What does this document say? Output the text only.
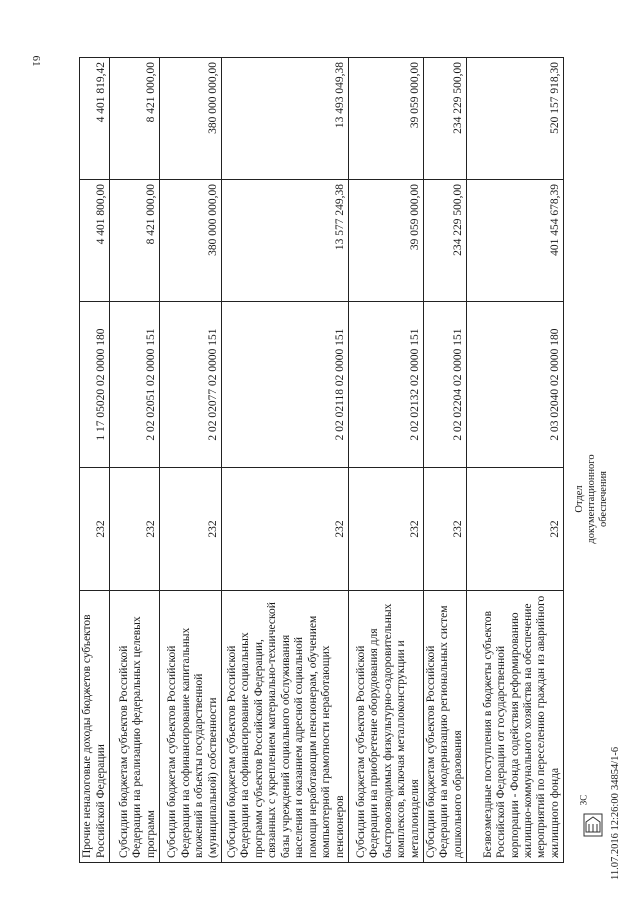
61
Прочие неналоговые доходы бюджетов субъектов Российской Федерации	232	1 17 05020 02 0000 180	4 401 800,00	4 401 819,42
Субсидии бюджетам субъектов Российской Федерации на реализацию федеральных целевых программ	232	2 02 02051 02 0000 151	8 421 000,00	8 421 000,00
Субсидии бюджетам субъектов Российской Федерации на софинансирование капитальных вложений в объекты государственной (муниципальной) собственности	232	2 02 02077 02 0000 151	380 000 000,00	380 000 000,00
Субсидии бюджетам субъектов Российской Федерации на софинансирование социальных программ субъектов Российской Федерации, связанных с укреплением материально-технической базы учреждений социального обслуживания населения и оказанием адресной социальной помощи неработающим пенсионерам, обучением компьютерной грамотности неработающих пенсионеров	232	2 02 02118 02 0000 151	13 577 249,38	13 493 049,38
Субсидии бюджетам субъектов Российской Федерации на приобретение оборудования для быстровозводимых физкультурно-оздоровительных комплексов, включая металлоконструкции и металлоизделия	232	2 02 02132 02 0000 151	39 059 000,00	39 059 000,00
Субсидии бюджетам субъектов Российской Федерации на модернизацию региональных систем дошкольного образования	232	2 02 02204 02 0000 151	234 229 500,00	234 229 500,00
Безвозмездные поступления в бюджеты субъектов Российской Федерации от государственной корпорации - Фонда содействия реформированию жилищно-коммунального хозяйства на обеспечение мероприятий по переселению граждан из аварийного жилищного фонда	232	2 03 02040 02 0000 180	401 454 678,39	520 157 918,30
11.07.2016 12:26:00
34854/1-6
Отдел документационного обеспечения
ЗС
